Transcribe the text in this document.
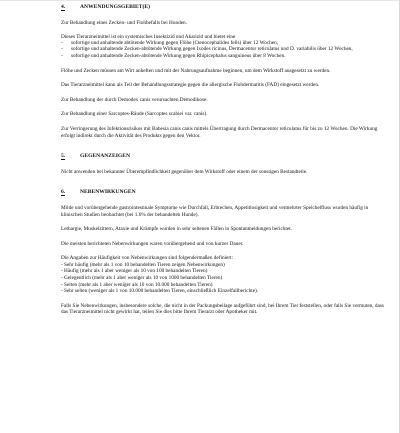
4.	ANWENDUNGSGEBIET(E)

Zur Behandlung eines Zecken- und Flohbefalls bei Hunden.

Dieses Tierarzneimittel ist ein systemisches Insektizid und Akarizid und bietet eine

-	sofortige und anhaltende abtötende Wirkung gegen Flöhe (Ctenocephalides felis) über 12 Wochen,
-	sofortige und anhaltende Zecken-abtötende Wirkung gegen Ixodes ricinus, Dermacentor reticulatus und D. variabilis über 12 Wochen,
-	sofortige und anhaltende Zecken-abtötende Wirkung gegen Rhipicephalus sanguineus über 8 Wochen.

Flöhe und Zecken müssen am Wirt anheften und mit der Nahrungsaufnahme beginnen, um dem Wirkstoff ausgesetzt zu werden.

Das Tierarzneimittel kann als Teil der Behandlungsstrategie gegen die allergische Flohdermatitis (FAD) eingesetzt werden.

Zur Behandlung der durch Demodex canis verursachten Demodikose.

Zur Behandlung einer Sarcoptes-Räude (Sarcoptes scabiei var. canis).

Zur Verringerung des Infektionsrisikos mit Babesia canis canis mittels Übertragung durch Dermacentor reticulatus für bis zu 12 Wochen. Die Wirkung erfolgt indirekt durch die Aktivität des Produkts gegen den Vektor.

5.	GEGENANZEIGEN

Nicht anwenden bei bekannter Überempfindlichkeit gegenüber dem Wirkstoff oder einem der sonstigen Bestandteile.

6.	NEBENWIRKUNGEN

Milde und vorübergehende gastrointestinale Symptome wie Durchfall, Erbrechen, Appetitlosigkeit und vermehrter Speichelfluss wurden häufig in klinischen Studien beobachtet (bei 1.6% der behandelten Hunde).

Lethargie, Muskelzittern, Ataxie und Krämpfe wurden in sehr seltenen Fällen in Spontanmeldungen berichtet.

Die meisten berichteten Nebenwirkungen waren vorübergehend und von kurzer Dauer.

Die Angaben zur Häufigkeit von Nebenwirkungen sind folgendermaßen definiert:
- Sehr häufig (mehr als 1 von 10 behandelten Tieren zeigen Nebenwirkungen)
- Häufig (mehr als 1 aber weniger als 10 von 100 behandelten Tieren)
- Gelegentlich (mehr als 1 aber weniger als 10 von 1000 behandelten Tieren)
- Selten (mehr als 1 aber weniger als 10 von 10.000 behandelten Tieren)
- Sehr selten (weniger als 1 von 10.000 behandelten Tieren, einschließlich Einzelfallberichte).

Falls Sie Nebenwirkungen, insbesondere solche, die nicht in der Packungsbeilage aufgeführt sind, bei Ihrem Tier feststellen, oder falls Sie vermuten, dass das Tierarzneimittel nicht gewirkt hat, teilen Sie dies bitte Ihrem Tierarzt oder Apotheker mit.
